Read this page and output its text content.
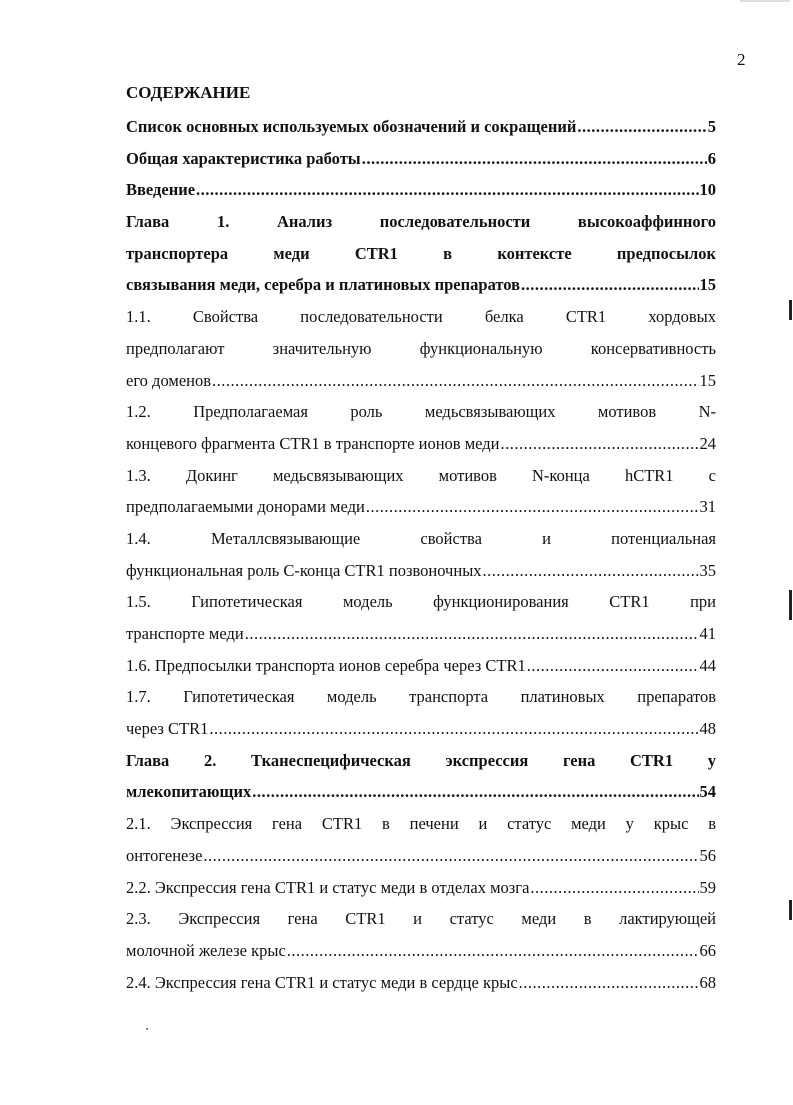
2
СОДЕРЖАНИЕ
Список основных используемых обозначений и сокращений .....	5
Общая характеристика работы .....	6
Введение .....	10
Глава 1. Анализ последовательности высокоаффинного
транспортера меди CTR1 в контексте предпосылок
связывания меди, серебра и платиновых препаратов .....	15
1.1. Свойства последовательности белка CTR1 хордовых
предполагают значительную функциональную консервативность
его доменов .....	15
1.2. Предполагаемая роль медьсвязывающих мотивов N-
концевого фрагмента CTR1 в транспорте ионов меди .....	24
1.3. Докинг медьсвязывающих мотивов N-конца hCTR1 с
предполагаемыми донорами меди .....	31
1.4. Металлсвязывающие свойства и потенциальная
функциональная роль C-конца CTR1 позвоночных .....	35
1.5. Гипотетическая модель функционирования CTR1 при
транспорте меди .....	41
1.6. Предпосылки транспорта ионов серебра через CTR1 .....	44
1.7. Гипотетическая модель транспорта платиновых препаратов
через CTR1 .....	48
Глава 2. Тканеспецифическая экспрессия гена CTR1 у
млекопитающих .....	54
2.1. Экспрессия гена CTR1 в печени и статус меди у крыс в
онтогенезе .....	56
2.2. Экспрессия гена CTR1 и статус меди в отделах мозга .....	59
2.3. Экспрессия гена CTR1 и статус меди в лактирующей
молочной железе крыс .....	66
2.4. Экспрессия гена CTR1 и статус меди в сердце крыс .....	68
